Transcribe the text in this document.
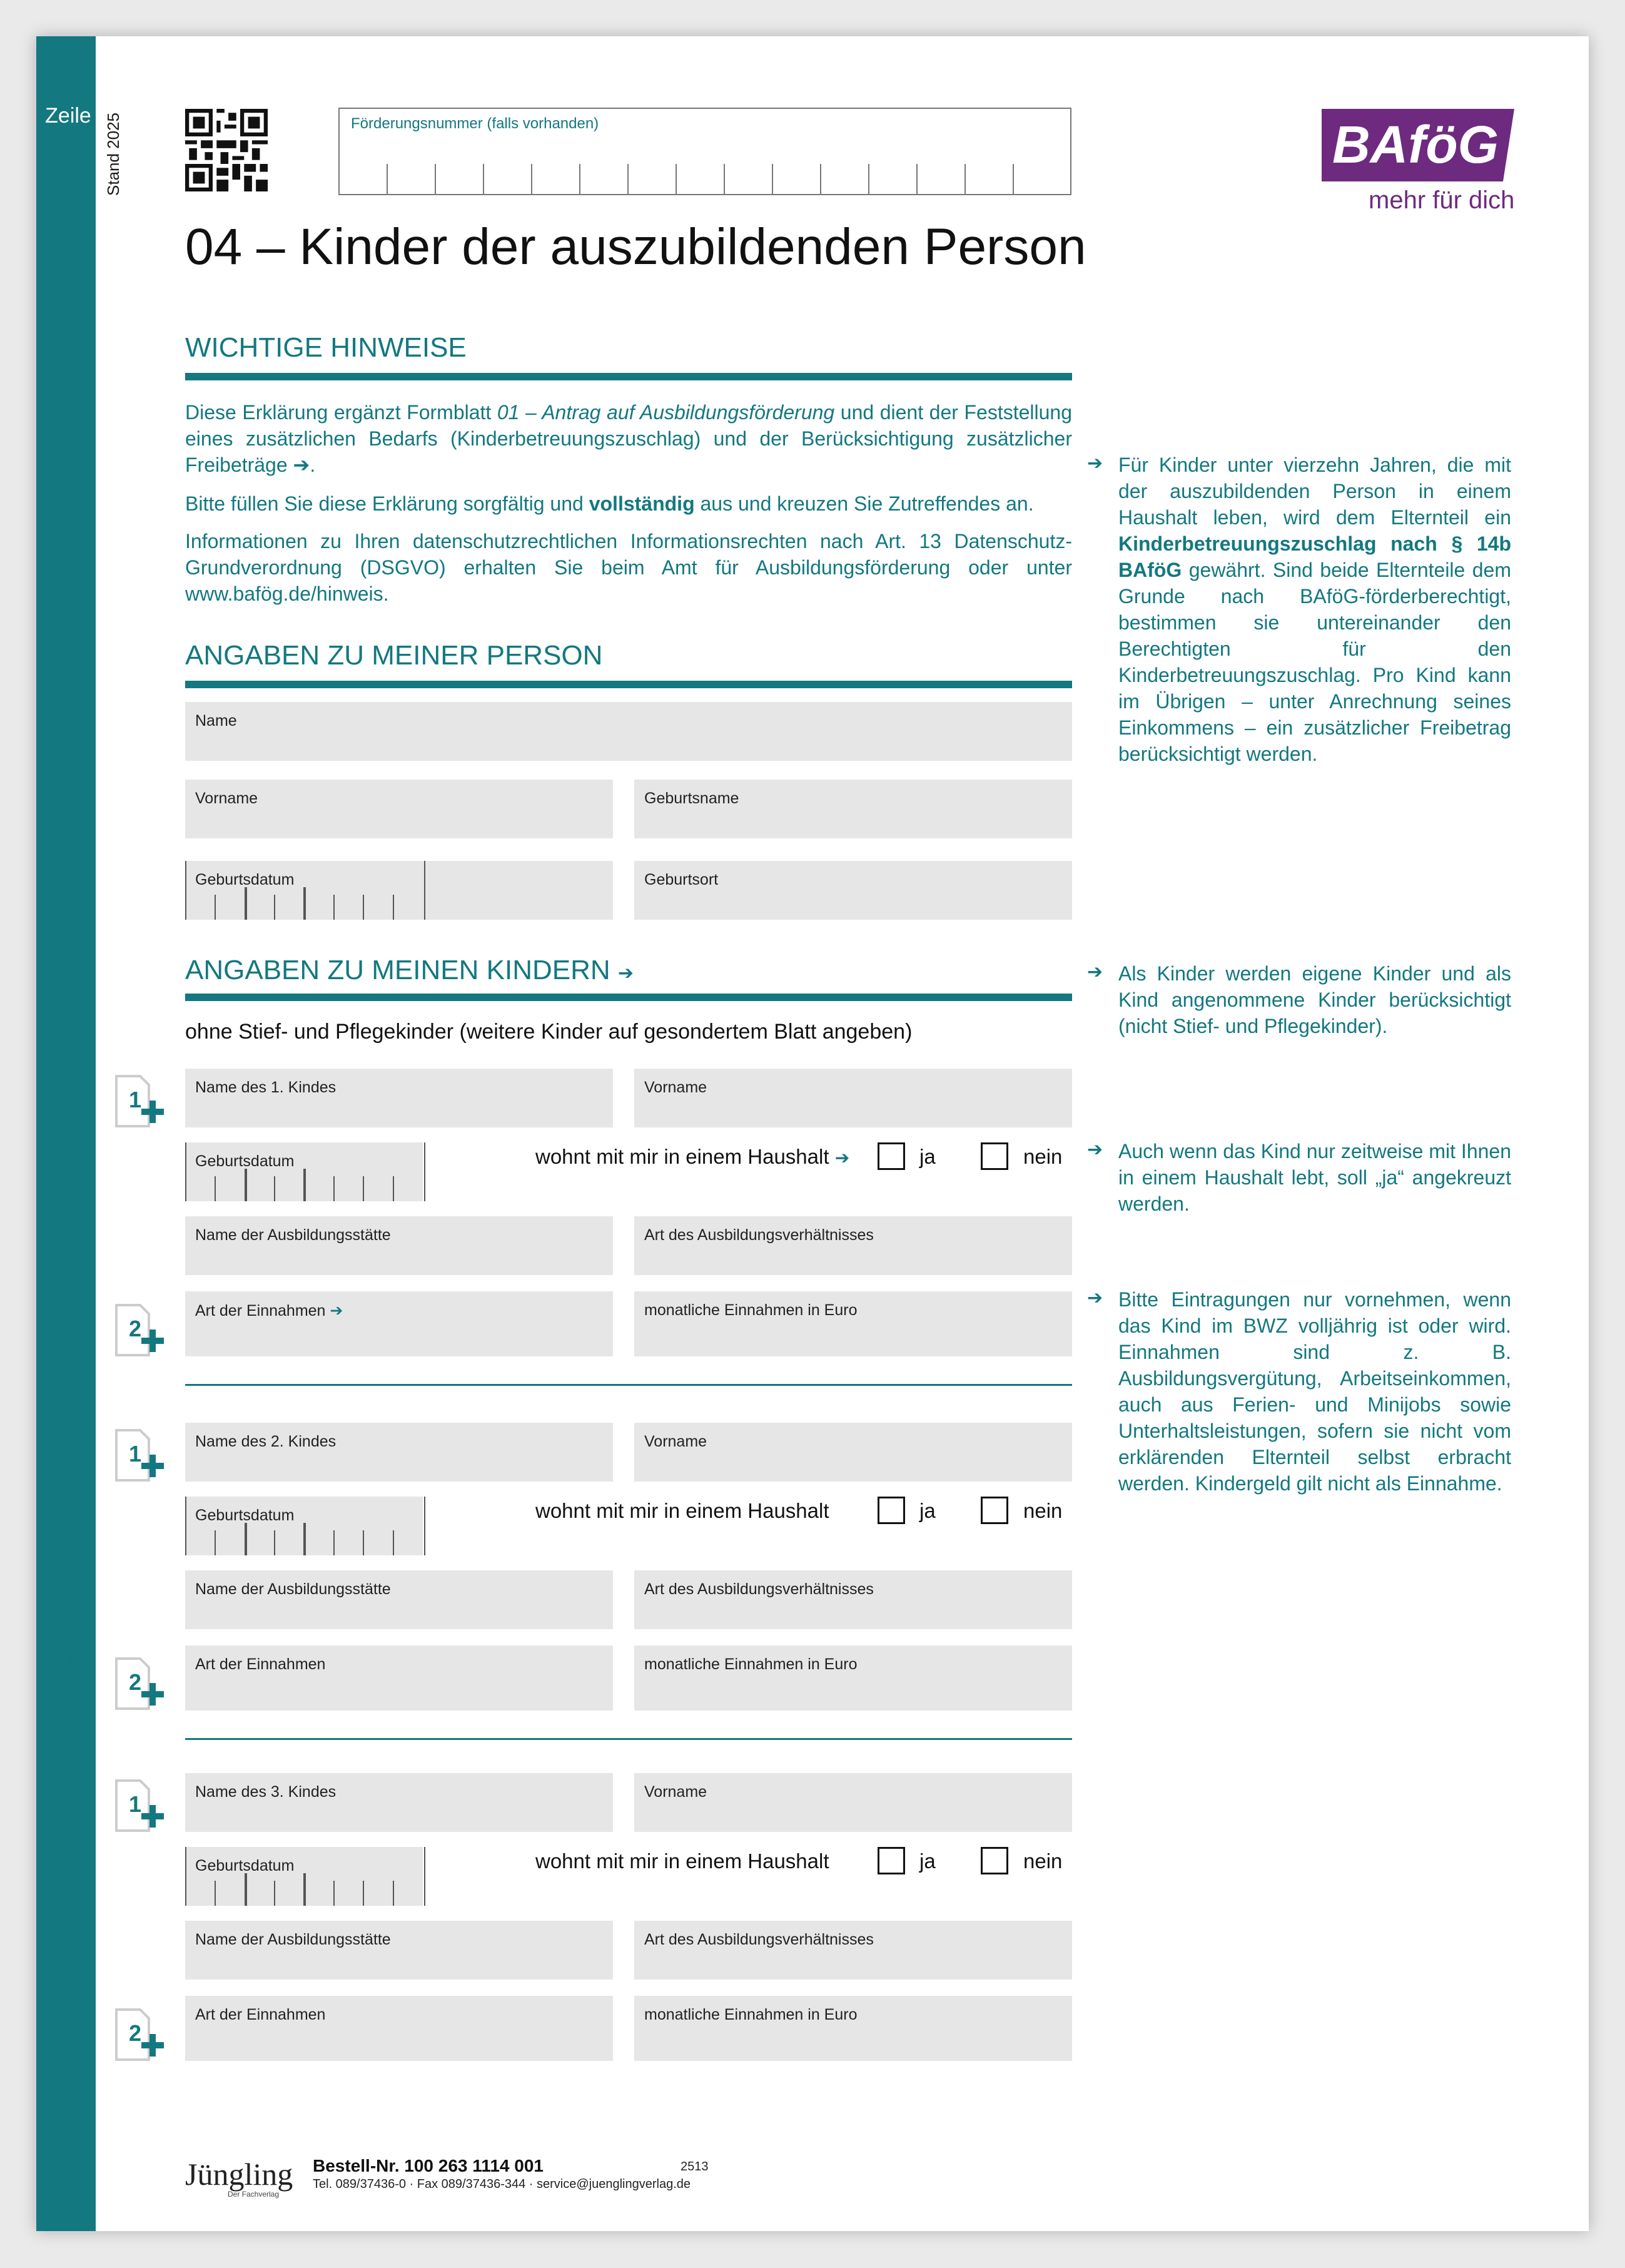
Zeile Stand 2025	Förderungsnummer (falls vorhanden)	BAföG
mehr für dich
04 – Kinder der auszubildenden Person
WICHTIGE HINWEISE
Diese Erklärung ergänzt Formblatt 01 – Antrag auf Ausbildungsförderung und dient der Feststellung eines zusätzlichen Bedarfs (Kinderbetreuungszuschlag) und der Berücksichtigung zusätzlicher Freibeträge ➔.
Bitte füllen Sie diese Erklärung sorgfältig und vollständig aus und kreuzen Sie Zutreffendes an.
Informationen zu Ihren datenschutzrechtlichen Informationsrechten nach Art. 13 Datenschutz-Grundverordnung (DSGVO) erhalten Sie beim Amt für Ausbildungsförderung oder unter www.bafög.de/hinweis.
➔ Für Kinder unter vierzehn Jahren, die mit der auszubildenden Person in einem Haushalt leben, wird dem Elternteil ein Kinderbetreuungszuschlag nach § 14b BAföG gewährt. Sind beide Elternteile dem Grunde nach BAföG-förderberechtigt, bestimmen sie untereinander den Berechtigten für den Kinderbetreuungszuschlag. Pro Kind kann im Übrigen – unter Anrechnung seines Einkommens – ein zusätzlicher Freibetrag berücksichtigt werden.
➔ Als Kinder werden eigene Kinder und als Kind angenommene Kinder berücksichtigt (nicht Stief- und Pflegekinder).
➔ Auch wenn das Kind nur zeitweise mit Ihnen in einem Haushalt lebt, soll „ja“ angekreuzt werden.
➔ Bitte Eintragungen nur vornehmen, wenn das Kind im BWZ volljährig ist oder wird. Einnahmen sind z. B. Ausbildungsvergütung, Arbeitseinkommen, auch aus Ferien- und Minijobs sowie Unterhaltsleistungen, sofern sie nicht vom erklärenden Elternteil selbst erbracht werden. Kindergeld gilt nicht als Einnahme.
ANGABEN ZU MEINER PERSON
1	Name
2	Vorname	Geburtsname
3	Geburtsdatum	Geburtsort
ANGABEN ZU MEINEN KINDERN ➔
ohne Stief- und Pflegekinder (weitere Kinder auf gesondertem Blatt angeben)
4
1	Name des 1. Kindes	Vorname
5	Geburtsdatum	wohnt mit mir in einem Haushalt ➔	ja	nein
6	Name der Ausbildungsstätte	Art des Ausbildungsverhältnisses
7
2
Art der Einnahmen ➔	monatliche Einnahmen in Euro
8
1	Name des 2. Kindes	Vorname
9	Geburtsdatum	wohnt mit mir in einem Haushalt	ja	nein
10	Name der Ausbildungsstätte	Art des Ausbildungsverhältnisses
11
2
Art der Einnahmen	monatliche Einnahmen in Euro
12
1	Name des 3. Kindes	Vorname
13	Geburtsdatum	wohnt mit mir in einem Haushalt	ja	nein
14	Name der Ausbildungsstätte	Art des Ausbildungsverhältnisses
15
2
Art der Einnahmen	monatliche Einnahmen in Euro
Jüngling
Der Fachverlag
Bestell-Nr. 100 263 1114 001	2513
Tel. 089/37436-0 · Fax 089/37436-344 · service@juenglingverlag.de
